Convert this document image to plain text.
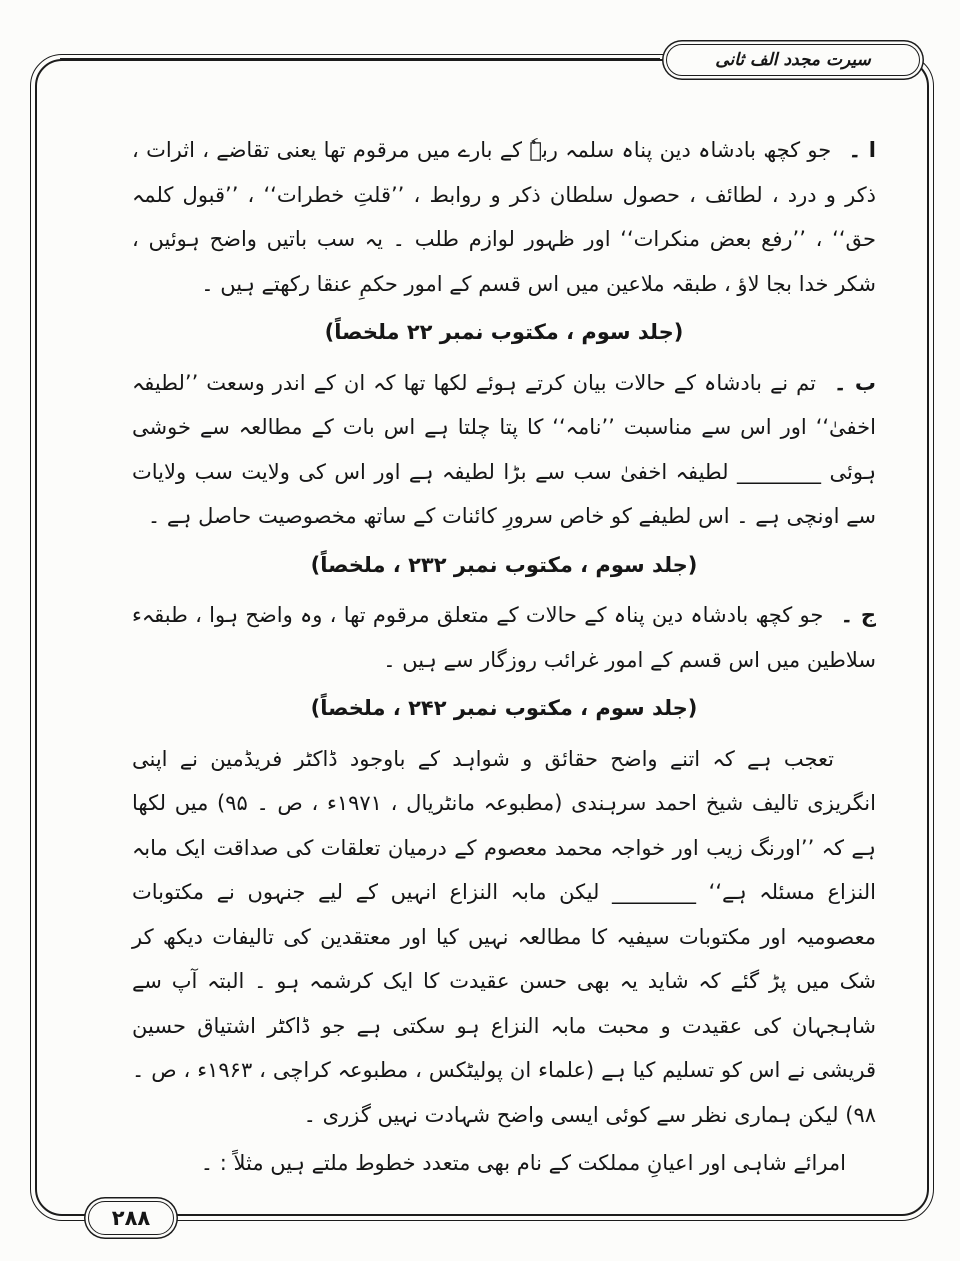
سیرت مجدد الف ثانی

ا ۔ جو کچھ بادشاہ دین پناہ سلمہ ربہٗ کے بارے میں مرقوم تھا یعنی تقاضے ، اثرات ، ذکر و درد ، لطائف ، حصول سلطان ذکر و روابط ، ’’قلتِ خطرات‘‘ ، ’’قبول کلمہ حق‘‘ ، ’’رفع بعض منکرات‘‘ اور ظہور لوازم طلب ۔ یہ سب باتیں واضح ہوئیں ، شکر خدا بجا لاؤ ، طبقہ ملاعین میں اس قسم کے امور حکمِ عنقا رکھتے ہیں ۔

(جلد سوم ، مکتوب نمبر ۲۲ ملخصاً)

ب ۔ تم نے بادشاہ کے حالات بیان کرتے ہوئے لکھا تھا کہ ان کے اندر وسعت ’’لطیفہ اخفیٰ‘‘ اور اس سے مناسبت ’’نامہ‘‘ کا پتا چلتا ہے اس بات کے مطالعہ سے خوشی ہوئی ________ لطیفہ اخفیٰ سب سے بڑا لطیفہ ہے اور اس کی ولایت سب ولایات سے اونچی ہے ۔ اس لطیفے کو خاص سرورِ کائنات کے ساتھ مخصوصیت حاصل ہے ۔

(جلد سوم ، مکتوب نمبر ۲۳۲ ، ملخصاً)

ج ۔ جو کچھ بادشاہ دین پناہ کے حالات کے متعلق مرقوم تھا ، وہ واضح ہوا ، طبقہء سلاطین میں اس قسم کے امور غرائب روزگار سے ہیں ۔

(جلد سوم ، مکتوب نمبر ۲۴۲ ، ملخصاً)

تعجب ہے کہ اتنے واضح حقائق و شواہد کے باوجود ڈاکٹر فریڈمین نے اپنی انگریزی تالیف شیخ احمد سرہندی (مطبوعہ مانٹریال ، ۱۹۷۱ء ، ص ۔ ۹۵) میں لکھا ہے کہ ’’اورنگ زیب اور خواجہ محمد معصوم کے درمیان تعلقات کی صداقت ایک مابہ النزاع مسئلہ ہے‘‘ ________ لیکن مابہ النزاع انہیں کے لیے جنہوں نے مکتوبات معصومیہ اور مکتوبات سیفیہ کا مطالعہ نہیں کیا اور معتقدین کی تالیفات دیکھ کر شک میں پڑ گئے کہ شاید یہ بھی حسن عقیدت کا ایک کرشمہ ہو ۔ البتہ آپ سے شاہجہان کی عقیدت و محبت مابہ النزاع ہو سکتی ہے جو ڈاکٹر اشتیاق حسین قریشی نے اس کو تسلیم کیا ہے (علماء ان پولیٹکس ، مطبوعہ کراچی ، ۱۹۶۳ء ، ص ۔ ۹۸) لیکن ہماری نظر سے کوئی ایسی واضح شہادت نہیں گزری ۔

امرائے شاہی اور اعیانِ مملکت کے نام بھی متعدد خطوط ملتے ہیں مثلاً : ۔

۲۸۸
